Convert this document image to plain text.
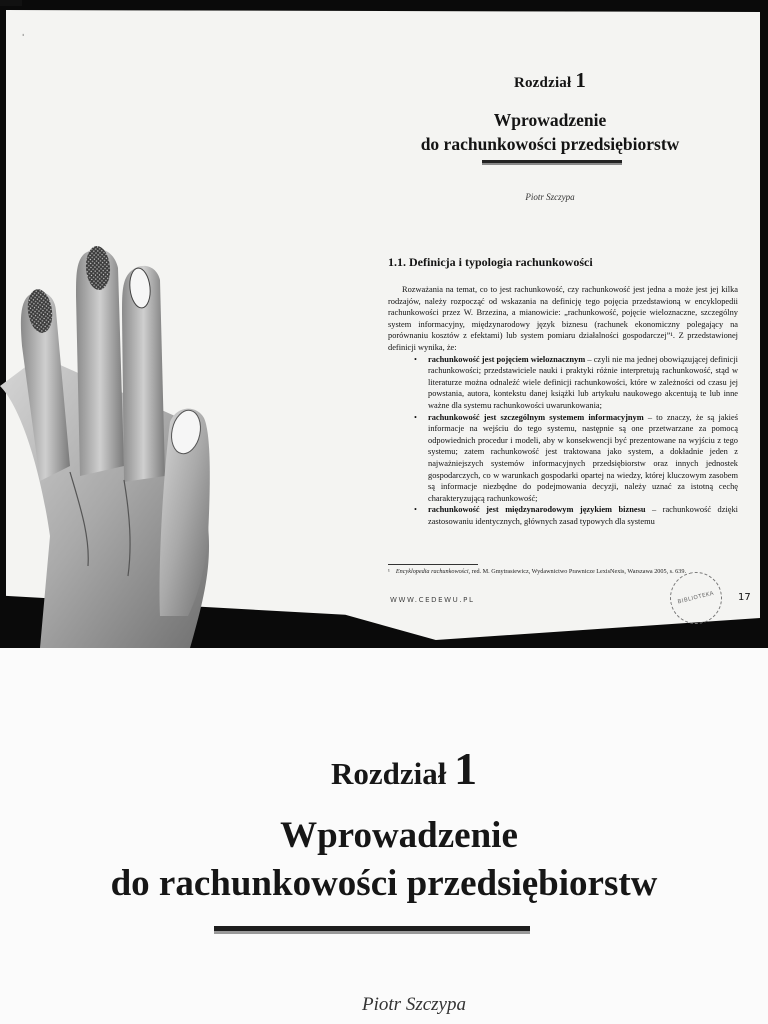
ˌ
Rozdział 1
Wprowadzenie
do rachunkowości przedsiębiorstw
Piotr Szczypa
1.1. Definicja i typologia rachunkowości

Rozważania na temat, co to jest rachunkowość, czy rachunkowość jest jedna a może jest jej kilka rodzajów, należy rozpocząć od wskazania na definicję tego pojęcia przedstawioną w encyklopedii rachunkowości przez W. Brzezina, a mianowicie: „rachunkowość, pojęcie wieloznaczne, szczególny system informacyjny, międzynarodowy język biznesu (rachunek ekonomiczny polegający na porównaniu kosztów z efektami) lub system pomiaru działalności gospodarczej”¹. Z przedstawionej definicji wynika, że:

• rachunkowość jest pojęciem wieloznacznym – czyli nie ma jednej obowiązującej definicji rachunkowości; przedstawiciele nauki i praktyki różnie interpretują rachunkowość, stąd w literaturze można odnaleźć wiele definicji rachunkowości, które w zależności od czasu jej powstania, autora, kontekstu danej książki lub artykułu naukowego akcentują te lub inne ważne dla systemu rachunkowości uwarunkowania;
• rachunkowość jest szczególnym systemem informacyjnym – to znaczy, że są jakieś informacje na wejściu do tego systemu, następnie są one przetwarzane za pomocą odpowiednich procedur i modeli, aby w konsekwencji być prezentowane na wyjściu z tego systemu; zatem rachunkowość jest traktowana jako system, a dokładnie jeden z najważniejszych systemów informacyjnych przedsiębiorstw oraz innych jednostek gospodarczych, co w warunkach gospodarki opartej na wiedzy, której kluczowym zasobem są informacje niezbędne do podejmowania decyzji, należy uznać za istotną cechę charakteryzującą rachunkowość;
• rachunkowość jest międzynarodowym językiem biznesu – rachunkowość dzięki zastosowaniu identycznych, głównych zasad typowych dla systemu
¹ Encyklopedia rachunkowości, red. M. Gmytrasiewicz, Wydawnictwo Prawnicze LexisNexis, Warszawa 2005, s. 639.
BIBLIOTEKA
WWW.CEDEWU.PL	17
Rozdział 1
Wprowadzenie
do rachunkowości przedsiębiorstw
Piotr Szczypa
